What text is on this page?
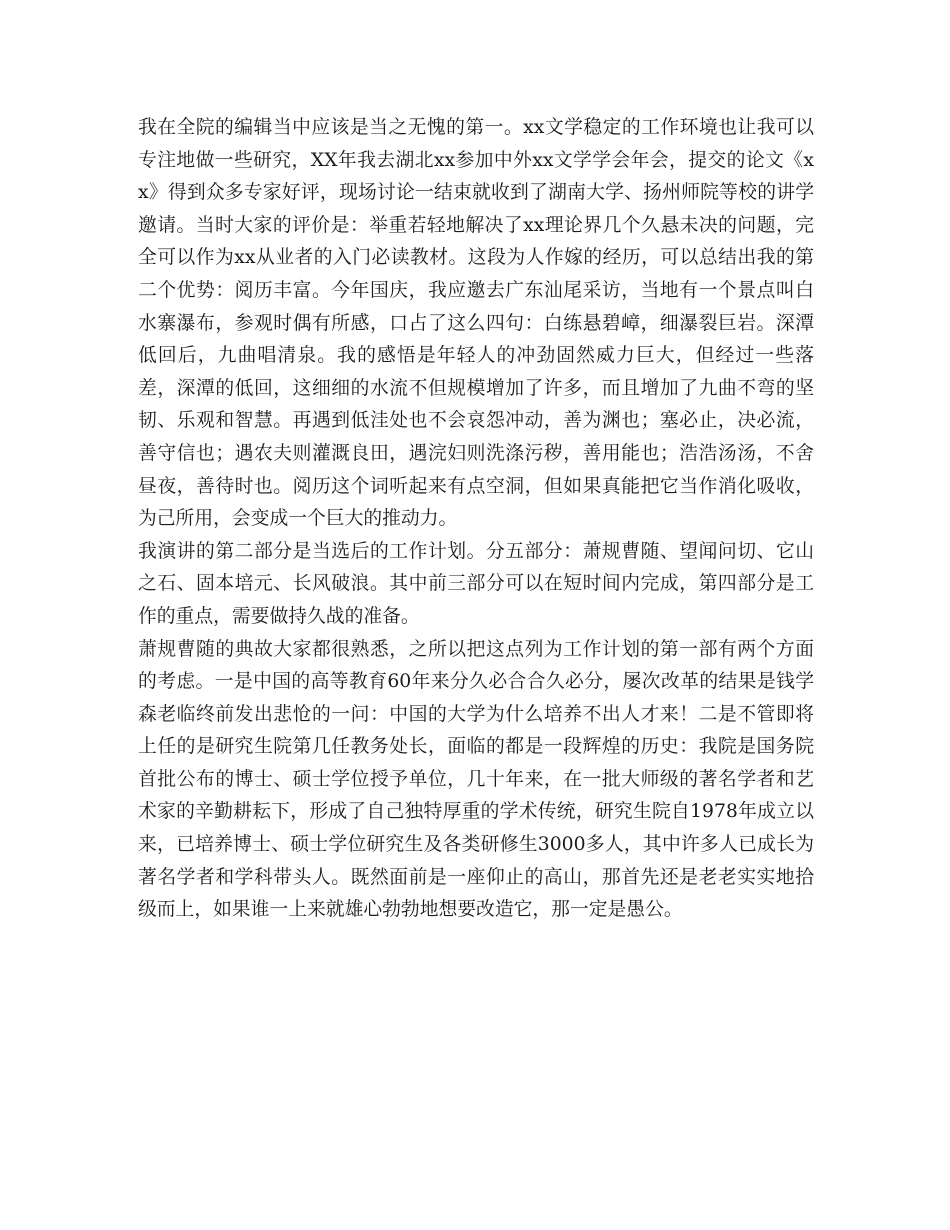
我在全院的编辑当中应该是当之无愧的第一。xx文学稳定的工作环境也让我可以专注地做一些研究，XX年我去湖北xx参加中外xx文学学会年会，提交的论文《xx》得到众多专家好评，现场讨论一结束就收到了湖南大学、扬州师院等校的讲学邀请。当时大家的评价是：举重若轻地解决了xx理论界几个久悬未决的问题，完全可以作为xx从业者的入门必读教材。这段为人作嫁的经历，可以总结出我的第二个优势：阅历丰富。今年国庆，我应邀去广东汕尾采访，当地有一个景点叫白水寨瀑布，参观时偶有所感，口占了这么四句：白练悬碧嶂，细瀑裂巨岩。深潭低回后，九曲唱清泉。我的感悟是年轻人的冲劲固然威力巨大，但经过一些落差，深潭的低回，这细细的水流不但规模增加了许多，而且增加了九曲不弯的坚韧、乐观和智慧。再遇到低洼处也不会哀怨冲动，善为渊也；塞必止，决必流，善守信也；遇农夫则灌溉良田，遇浣妇则洗涤污秽，善用能也；浩浩汤汤，不舍昼夜，善待时也。阅历这个词听起来有点空洞，但如果真能把它当作消化吸收，为己所用，会变成一个巨大的推动力。

我演讲的第二部分是当选后的工作计划。分五部分：萧规曹随、望闻问切、它山之石、固本培元、长风破浪。其中前三部分可以在短时间内完成，第四部分是工作的重点，需要做持久战的准备。

萧规曹随的典故大家都很熟悉，之所以把这点列为工作计划的第一部有两个方面的考虑。一是中国的高等教育60年来分久必合合久必分，屡次改革的结果是钱学森老临终前发出悲怆的一问：中国的大学为什么培养不出人才来！二是不管即将上任的是研究生院第几任教务处长，面临的都是一段辉煌的历史：我院是国务院首批公布的博士、硕士学位授予单位，几十年来，在一批大师级的著名学者和艺术家的辛勤耕耘下，形成了自己独特厚重的学术传统，研究生院自1978年成立以来，已培养博士、硕士学位研究生及各类研修生3000多人，其中许多人已成长为著名学者和学科带头人。既然面前是一座仰止的高山，那首先还是老老实实地拾级而上，如果谁一上来就雄心勃勃地想要改造它，那一定是愚公。
